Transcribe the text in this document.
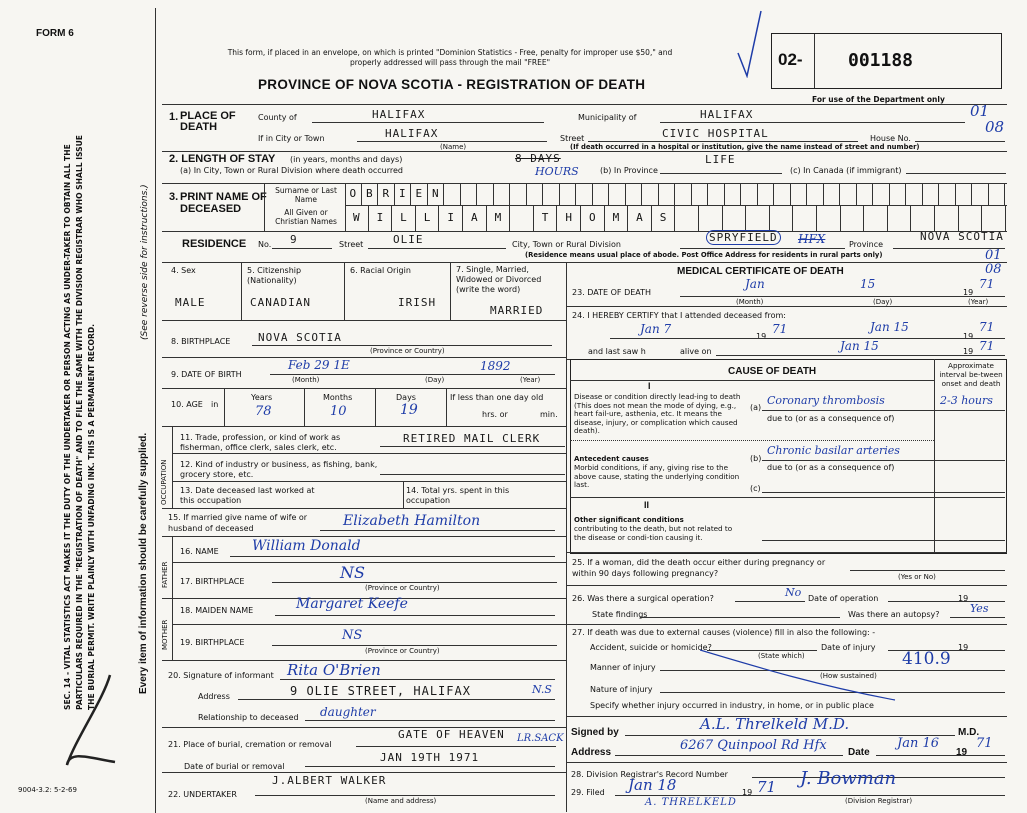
FORM 6
SEC. 14 - VITAL STATISTICS ACT MAKES IT THE DUTY OF THE UNDERTAKER OR PERSON ACTING AS UNDER-TAKER TO OBTAIN ALL THE PARTICULARS REQUIRED IN THE "REGISTRATION OF DEATH" AND TO FILE THE SAME WITH THE DIVISION REGISTRAR WHO SHALL ISSUE THE BURIAL PERMIT. WRITE PLAINLY WITH UNFADING INK. THIS IS A PERMANENT RECORD.	Every item of information should be carefully supplied.
(See reverse side for instructions.)
9004-3.2: 5-2-69
This form, if placed in an envelope, on which is printed "Dominion Statistics - Free, penalty for improper use $50," and properly addressed will pass through the mail "FREE"
PROVINCE OF NOVA SCOTIA - REGISTRATION OF DEATH
02-	001188
For use of the Department only
01
08
01
08
1. PLACE OF DEATH
County of	HALIFAX	Municipality of	HALIFAX
If in City or Town	HALIFAX
(Name)
Street	CIVIC HOSPITAL	House No.
(If death occurred in a hospital or institution, give the name instead of street and number)
2. LENGTH OF STAY (in years, months and days)
(a) In City, Town or Rural Division where death occurred
8 DAYS
HOURS	(b) In Province
LIFE
(c) In Canada (if immigrant)
3. PRINT NAME OF DECEASED
Surname or Last Name
All Given or Christian Names
O B R I E N
W	I	L	L	I	A	M	T	H	O	M	A	S
RESIDENCE No. 9	Street	OLIE	City, Town or Rural Division
SPRYFIELD HFX	Province
NOVA SCOTIA
(Residence means usual place of abode. Post Office Address for residents in rural parts only)
4. Sex
MALE
5. Citizenship (Nationality)
CANADIAN
6. Racial Origin
IRISH
7. Single, Married, Widowed or Divorced (write the word)
MARRIED
8. BIRTHPLACE	NOVA SCOTIA
(Province or Country)
9. DATE OF BIRTH
Feb 29 1E	1892
(Month)	(Day)	(Year)
10. AGE in
Years	Months	Days
78	10	19
If less than one day old
hrs. or	min.
OCCUPATION
11. Trade, profession, or kind of work as fisherman, office clerk, sales clerk, etc.
RETIRED MAIL CLERK
12. Kind of industry or business, as fishing, bank, grocery store, etc.
13. Date deceased last worked at this occupation
14. Total yrs. spent in this occupation
15. If married give name of wife or husband of deceased	Elizabeth Hamilton
FATHER
16. NAME William Donald
17. BIRTHPLACE	NS
(Province or Country)
MOTHER
18. MAIDEN NAME	Margaret Keefe
19. BIRTHPLACE	NS
(Province or Country)
20. Signature of informant Rita O'Brien
Address	9 OLIE STREET, HALIFAX	N.S
Relationship to deceased daughter
21. Place of burial, cremation or removal
GATE OF HEAVEN LR.SACK
Date of burial or removal
JAN 19TH 1971
22. UNDERTAKER
J.ALBERT WALKER
(Name and address)
MEDICAL CERTIFICATE OF DEATH
23. DATE OF DEATH
Jan	15
19
71
(Month)	(Day)	(Year)
24. I HEREBY CERTIFY that I attended deceased from:
Jan 7
19
71	Jan 15
19
71
and last saw h	alive on	Jan 15	19 71
CAUSE OF DEATH
Approximate interval be-tween onset and death
I
Disease or condition directly lead-ing to death (This does not mean the mode of dying, e.g., heart fail-ure, asthenia, etc. It means the disease, injury, or complication which caused death).
(a)
Coronary thrombosis	2-3 hours
due to (or as a consequence of)
Antecedent causes
Morbid conditions, if any, giving rise to the above cause, stating the underlying condition last.
(b)
Chronic basilar arteries
due to (or as a consequence of)
(c)
II
Other significant conditions
contributing to the death, but not related to the disease or condi-tion causing it.
25. If a woman, did the death occur either during pregnancy or within 90 days following pregnancy?	(Yes or No)
26. Was there a surgical operation?	No Date of operation	19
State findings	Was there an autopsy?	Yes
27. If death was due to external causes (violence) fill in also the following: -
Accident, suicide or homicide?	Date of injury	19
(State which)	410.9
Manner of injury
(How sustained)
Nature of injury
Specify whether injury occurred in industry, in home, or in public place
Signed by	A.L. Threlkeld M.D.	M.D.
Address	6267 Quinpool Rd Hfx Date
Jan 16
19
71
28. Division Registrar's Record Number
29. Filed Jan 18	19 71 J. Bowman
(Division Registrar)
A. THRELKELD
